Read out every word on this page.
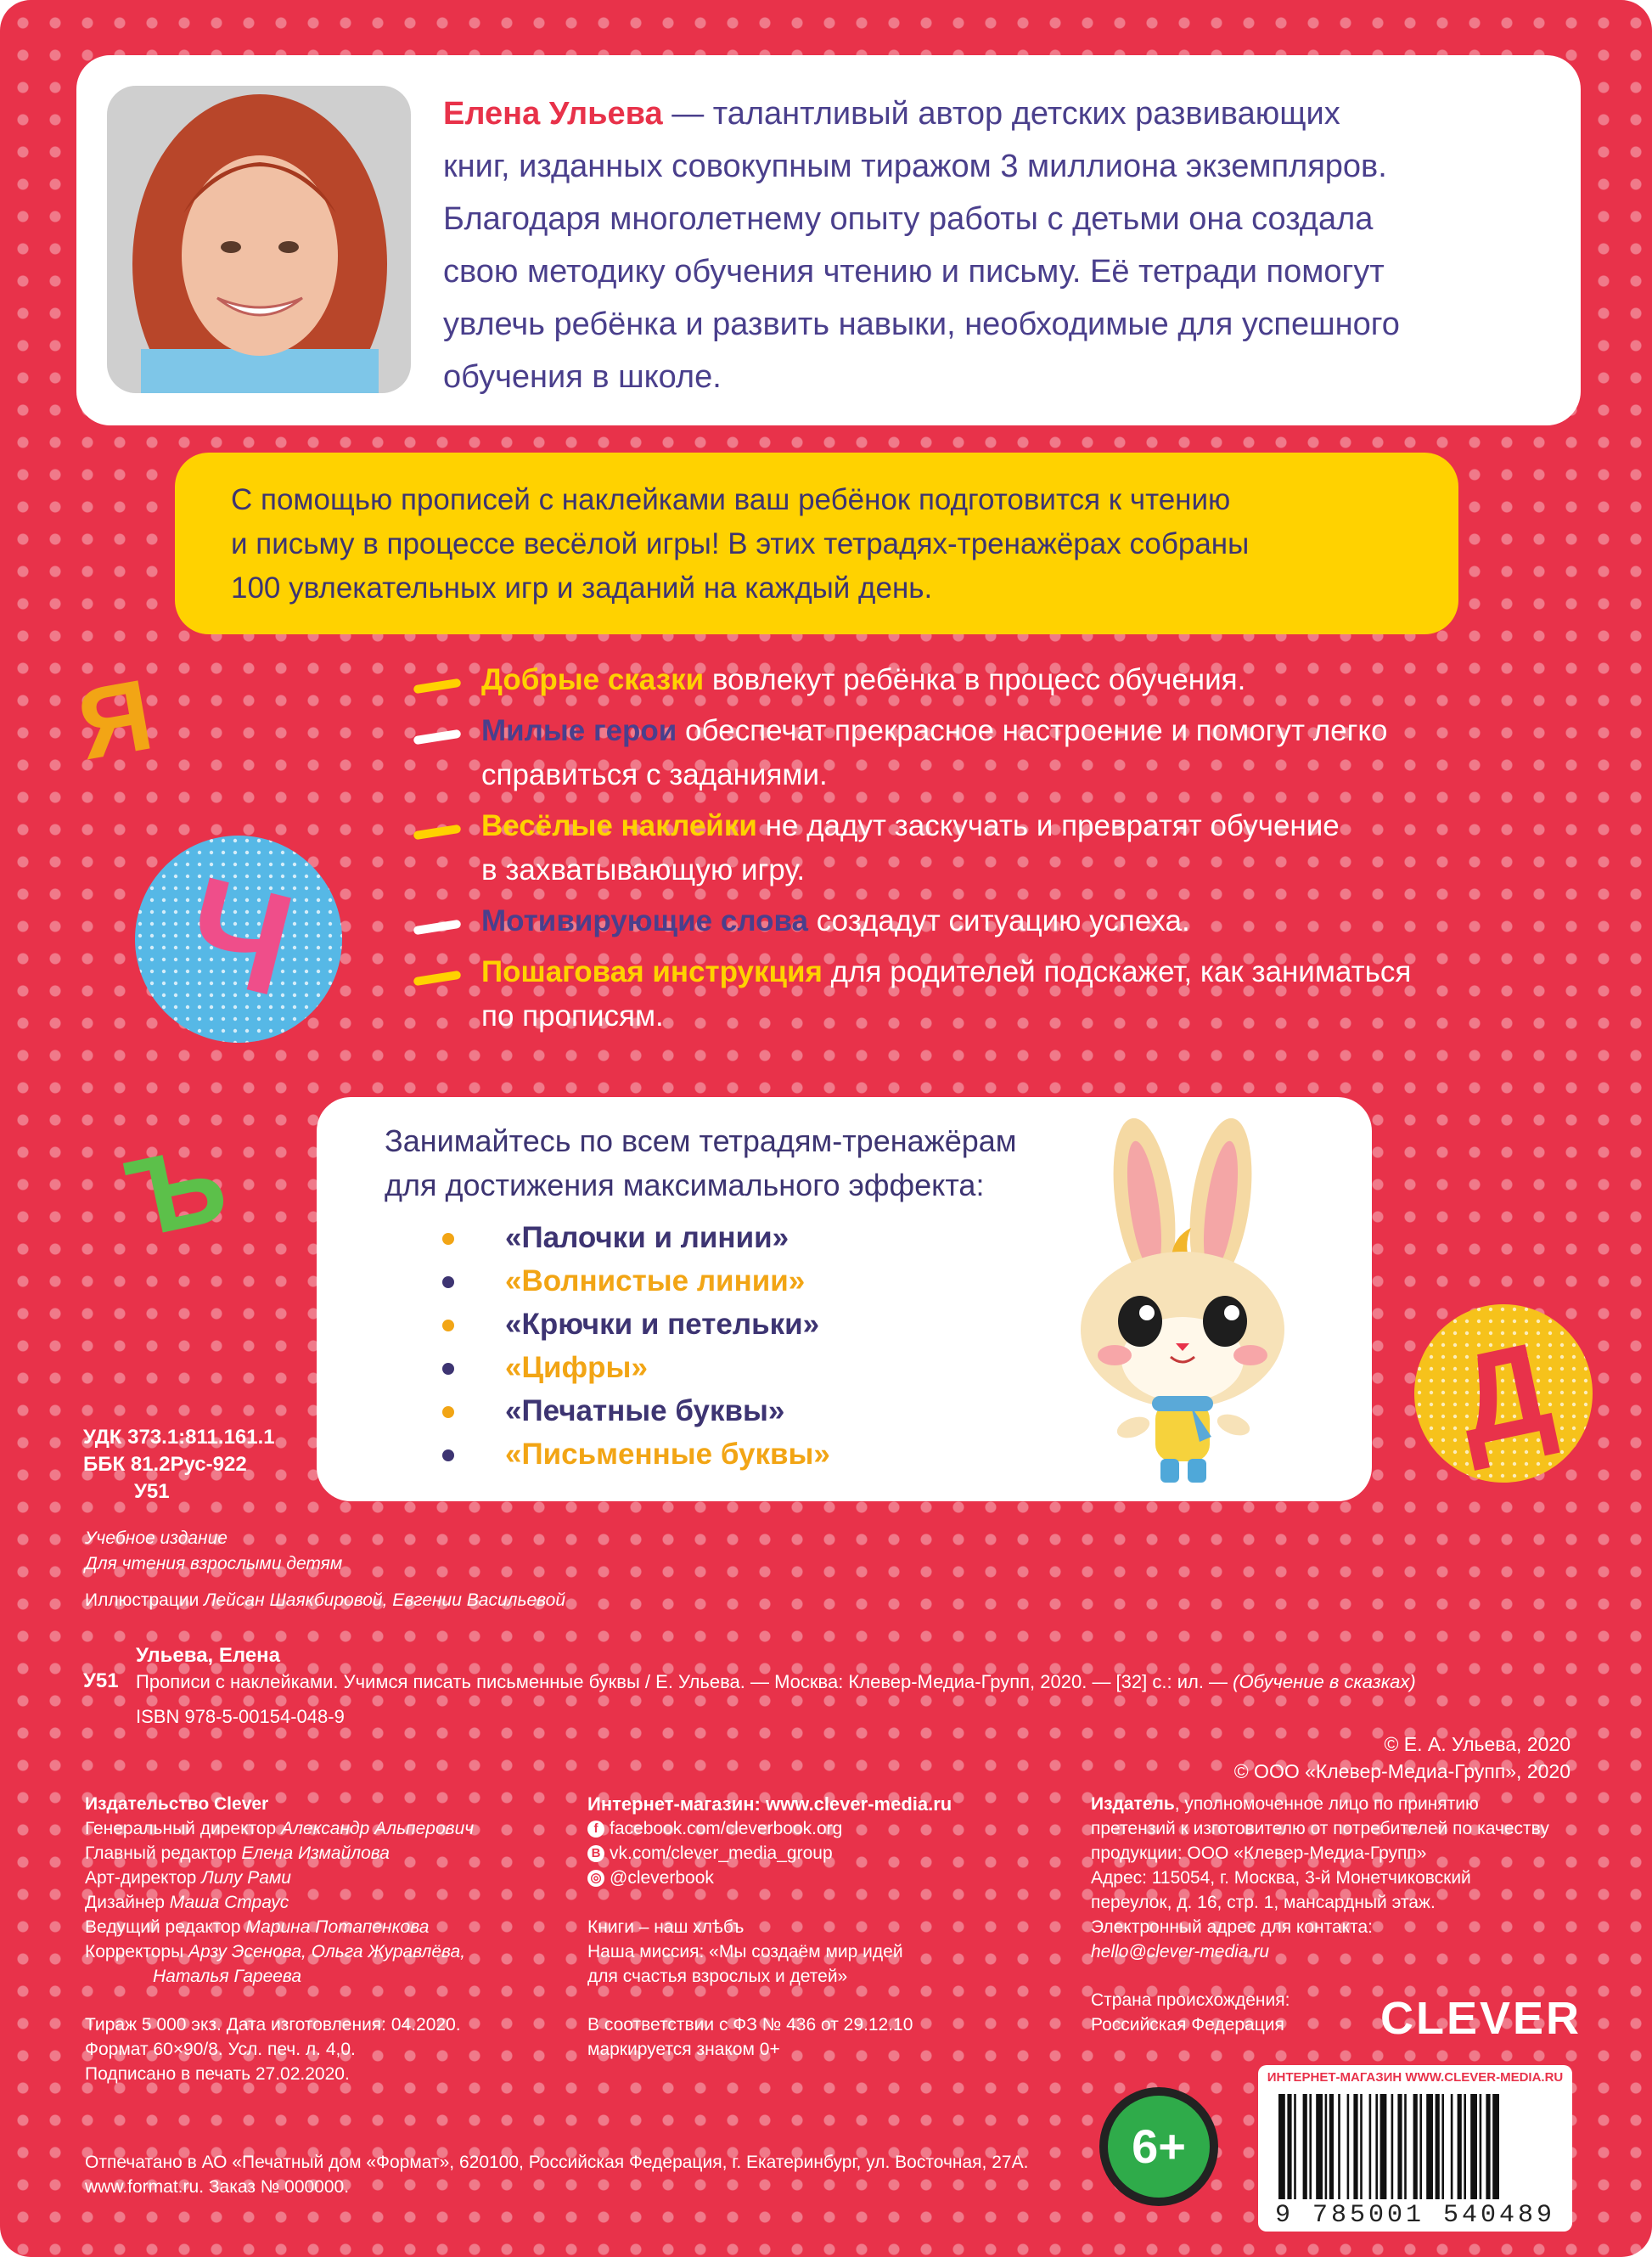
Елена Ульева — талантливый автор детских развивающих
книг, изданных совокупным тиражом 3 миллиона экземпляров.
Благодаря многолетнему опыту работы с детьми она создала
свою методику обучения чтению и письму. Её тетради помогут
увлечь ребёнка и развить навыки, необходимые для успешного
обучения в школе.
С помощью прописей с наклейками ваш ребёнок подготовится к чтению
и письму в процессе весёлой игры! В этих тетрадях-тренажёрах собраны
100 увлекательных игр и заданий на каждый день.
Я
Ч
Ъ
Д
Добрые сказки вовлекут ребёнка в процесс обучения.
Милые герои обеспечат прекрасное настроение и помогут легко
справиться с заданиями.
Весёлые наклейки не дадут заскучать и превратят обучение
в захватывающую игру.
Мотивирующие слова создадут ситуацию успеха.
Пошаговая инструкция для родителей подскажет, как заниматься
по прописям.
Занимайтесь по всем тетрадям-тренажёрам
для достижения максимального эффекта:
«Палочки и линии»
«Волнистые линии»
«Крючки и петельки»
«Цифры»
«Печатные буквы»
«Письменные буквы»
УДК 373.1:811.161.1
ББК 81.2Рус-922
У51
Учебное издание
Для чтения взрослыми детям
Иллюстрации Лейсан Шаякбировой, Евгении Васильевой
Ульева, Елена
У51 Прописи с наклейками. Учимся писать письменные буквы / Е. Ульева. — Москва: Клевер-Медиа-Групп, 2020. — [32] с.: ил. — (Обучение в сказках)
ISBN 978-5-00154-048-9
© Е. А. Ульева, 2020
© ООО «Клевер-Медиа-Групп», 2020
Издательство Clever
Генеральный директор Александр Альперович
Главный редактор Елена Измайлова
Арт-директор Лилу Рами
Дизайнер Маша Страус
Ведущий редактор Марина Потапенкова
Корректоры Арзу Эсенова, Ольга Журавлёва,
Наталья Гареева
Тираж 5 000 экз. Дата изготовления: 04.2020.
Формат 60×90/8. Усл. печ. л. 4,0.
Подписано в печать 27.02.2020.
Интернет-магазин: www.clever-media.ru
f facebook.com/cleverbook.org
B vk.com/clever_media_group
◎ @cleverbook
Книги – наш хлѣбъ
Наша миссия: «Мы создаём мир идей
для счастья взрослых и детей»
В соответствии с ФЗ № 436 от 29.12.10
маркируется знаком 0+
Издатель, уполномоченное лицо по принятию
претензий к изготовителю от потребителей по качеству
продукции: ООО «Клевер-Медиа-Групп»
Адрес: 115054, г. Москва, 3-й Монетчиковский
переулок, д. 16, стр. 1, мансардный этаж.
Электронный адрес для контакта:
hello@clever-media.ru
Страна происхождения:
Российская Федерация CLEVER
Отпечатано в АО «Печатный дом «Формат», 620100, Российская Федерация, г. Екатеринбург, ул. Восточная, 27А.
www.format.ru. Заказ № 000000.
6+
ИНТЕРНЕТ-МАГАЗИН WWW.CLEVER-MEDIA.RU
9 785001 540489
